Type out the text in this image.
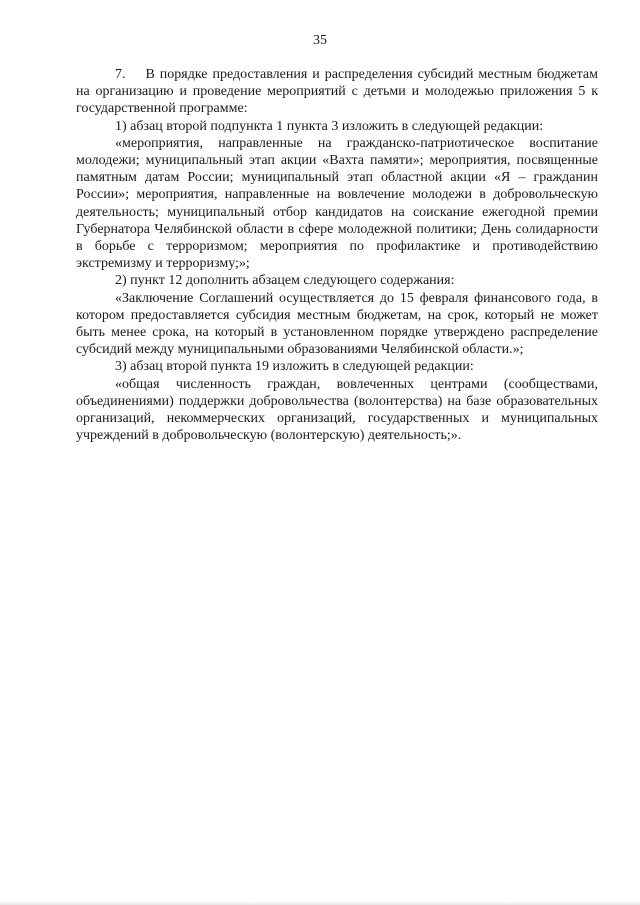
35

7.    В порядке предоставления и распределения субсидий местным бюджетам на организацию и проведение мероприятий с детьми и молодежью приложения 5 к государственной программе:

1) абзац второй подпункта 1 пункта 3 изложить в следующей редакции:

«мероприятия, направленные на гражданско-патриотическое воспитание молодежи; муниципальный этап акции «Вахта памяти»; мероприятия, посвященные памятным датам России; муниципальный этап областной акции «Я – гражданин России»; мероприятия, направленные на вовлечение молодежи в добровольческую деятельность; муниципальный отбор кандидатов на соискание ежегодной премии Губернатора Челябинской области в сфере молодежной политики; День солидарности в борьбе с терроризмом; мероприятия по профилактике и противодействию экстремизму и терроризму;»;

2) пункт 12 дополнить абзацем следующего содержания:

«Заключение Соглашений осуществляется до 15 февраля финансового года, в котором предоставляется субсидия местным бюджетам, на срок, который не может быть менее срока, на который в установленном порядке утверждено распределение субсидий между муниципальными образованиями Челябинской области.»;

3) абзац второй пункта 19 изложить в следующей редакции:

«общая численность граждан, вовлеченных центрами (сообществами, объединениями) поддержки добровольчества (волонтерства) на базе образовательных организаций, некоммерческих организаций, государственных и муниципальных учреждений в добровольческую (волонтерскую) деятельность;».
